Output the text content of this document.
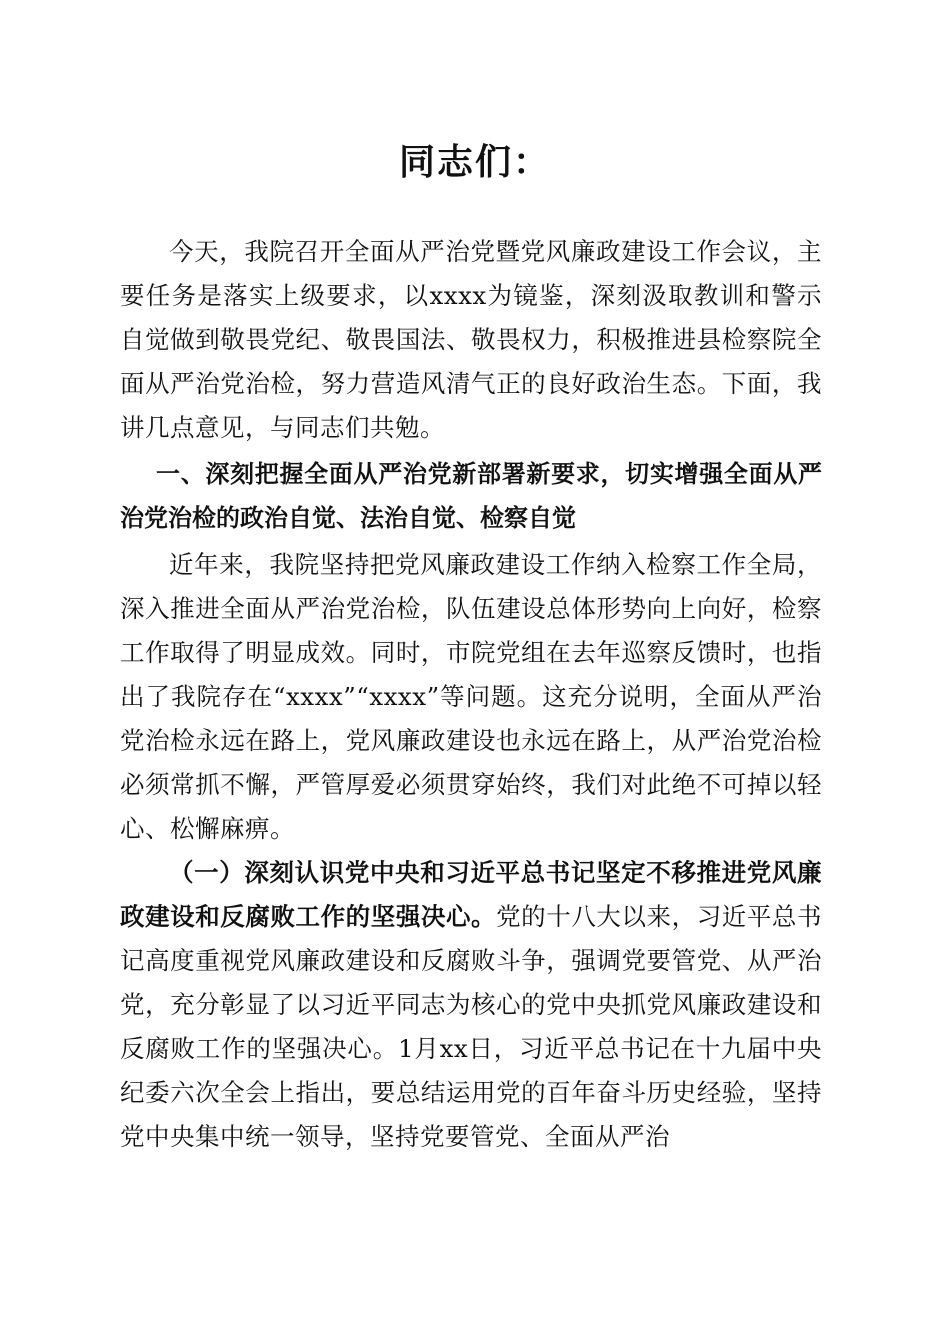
同志们：

今天，我院召开全面从严治党暨党风廉政建设工作会议，主要任务是落实上级要求，以xxxx为镜鉴，深刻汲取教训和警示自觉做到敬畏党纪、敬畏国法、敬畏权力，积极推进县检察院全面从严治党治检，努力营造风清气正的良好政治生态。下面，我讲几点意见，与同志们共勉。

一、深刻把握全面从严治党新部署新要求，切实增强全面从严治党治检的政治自觉、法治自觉、检察自觉

近年来，我院坚持把党风廉政建设工作纳入检察工作全局，深入推进全面从严治党治检，队伍建设总体形势向上向好，检察工作取得了明显成效。同时，市院党组在去年巡察反馈时，也指出了我院存在“xxxx”“xxxx”等问题。这充分说明，全面从严治党治检永远在路上，党风廉政建设也永远在路上，从严治党治检必须常抓不懈，严管厚爱必须贯穿始终，我们对此绝不可掉以轻心、松懈麻痹。

（一）深刻认识党中央和习近平总书记坚定不移推进党风廉政建设和反腐败工作的坚强决心。党的十八大以来，习近平总书记高度重视党风廉政建设和反腐败斗争，强调党要管党、从严治党，充分彰显了以习近平同志为核心的党中央抓党风廉政建设和反腐败工作的坚强决心。1月xx日，习近平总书记在十九届中央纪委六次全会上指出，要总结运用党的百年奋斗历史经验，坚持党中央集中统一领导，坚持党要管党、全面从严治
